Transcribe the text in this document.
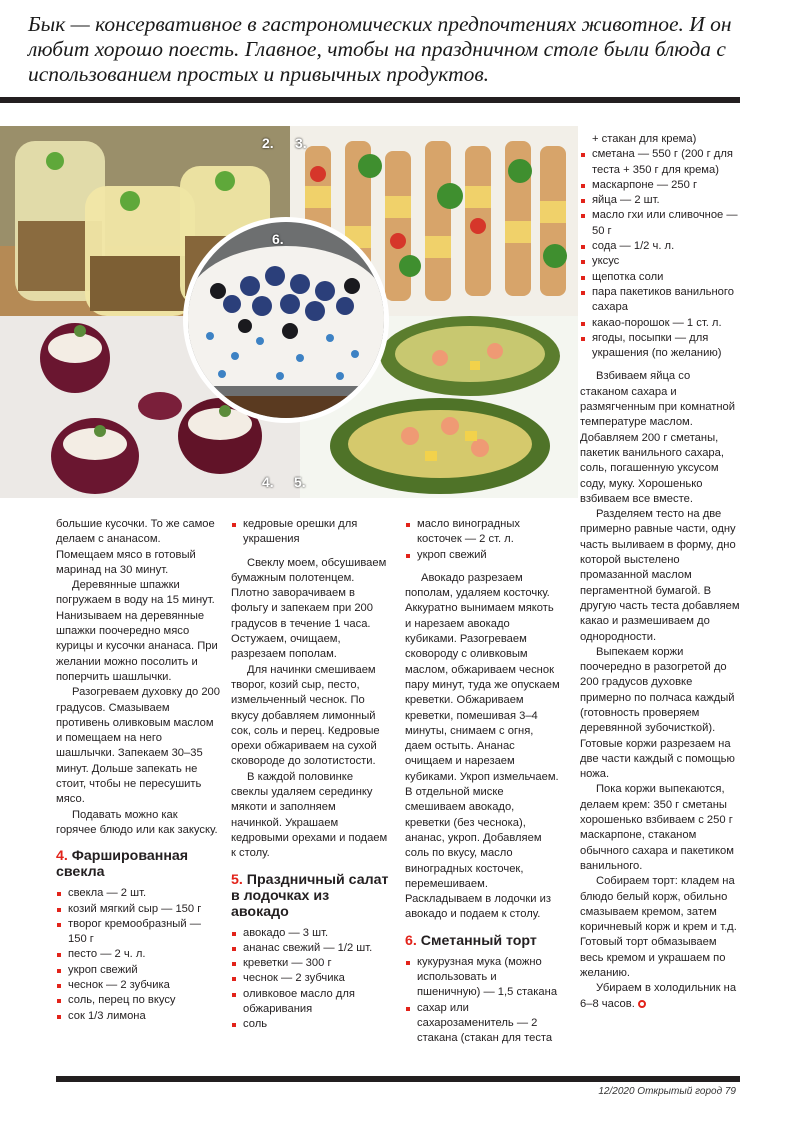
Бык — консервативное в гастрономических предпочтениях животное. И он любит хорошо поесть. Главное, чтобы на праздничном столе были блюда с использованием простых и привычных продуктов.
2. 3.
6.
4. 5.

большие кусочки. То же самое делаем с ананасом. Помещаем мясо в готовый маринад на 30 минут.

Деревянные шпажки погружаем в воду на 15 минут. Нанизываем на деревянные шпажки поочередно мясо курицы и кусочки ананаса. При желании можно посолить и поперчить шашлычки.

Разогреваем духовку до 200 градусов. Смазываем противень оливковым маслом и помещаем на него шашлычки. Запекаем 30–35 минут. Дольше запекать не стоит, чтобы не пересушить мясо.

Подавать можно как горячее блюдо или как закуску.

4. Фаршированная свекла
свекла — 2 шт.
козий мягкий сыр — 150 г
творог кремообразный — 150 г
песто — 2 ч. л.
укроп свежий
чеснок — 2 зубчика
соль, перец по вкусу
сок 1/3 лимона
кедровые орешки для украшения

Свеклу моем, обсушиваем бумажным полотенцем. Плотно заворачиваем в фольгу и запекаем при 200 градусов в течение 1 часа. Остужаем, очищаем, разрезаем пополам.

Для начинки смешиваем творог, козий сыр, песто, измельченный чеснок. По вкусу добавляем лимонный сок, соль и перец. Кедровые орехи обжариваем на сухой сковороде до золотистости.

В каждой половинке свеклы удаляем серединку мякоти и заполняем начинкой. Украшаем кедровыми орехами и подаем к столу.

5. Праздничный салат в лодочках из авокадо
авокадо — 3 шт.
ананас свежий — 1/2 шт.
креветки — 300 г
чеснок — 2 зубчика
оливковое масло для обжаривания
соль
масло виноградных косточек — 2 ст. л.
укроп свежий

Авокадо разрезаем пополам, удаляем косточку. Аккуратно вынимаем мякоть и нарезаем авокадо кубиками. Разогреваем сковороду с оливковым маслом, обжариваем чеснок пару минут, туда же опускаем креветки. Обжариваем креветки, помешивая 3–4 минуты, снимаем с огня, даем остыть. Ананас очищаем и нарезаем кубиками. Укроп измельчаем. В отдельной миске смешиваем авокадо, креветки (без чеснока), ананас, укроп. Добавляем соль по вкусу, масло виноградных косточек, перемешиваем. Раскладываем в лодочки из авокадо и подаем к столу.

6. Сметанный торт
кукурузная мука (можно использовать и пшеничную) — 1,5 стакана
сахар или сахарозаменитель — 2 стакана (стакан для теста
+ стакан для крема)
сметана — 550 г (200 г для теста + 350 г для крема)
маскарпоне — 250 г
яйца — 2 шт.
масло гхи или сливочное — 50 г
сода — 1/2 ч. л.
уксус
щепотка соли
пара пакетиков ванильного сахара
какао-порошок — 1 ст. л.
ягоды, посыпки — для украшения (по желанию)

Взбиваем яйца со стаканом сахара и размягченным при комнатной температуре маслом. Добавляем 200 г сметаны, пакетик ванильного сахара, соль, погашенную уксусом соду, муку. Хорошенько взбиваем все вместе.

Разделяем тесто на две примерно равные части, одну часть выливаем в форму, дно которой выстелено промазанной маслом пергаментной бумагой. В другую часть теста добавляем какао и размешиваем до однородности.

Выпекаем коржи поочередно в разогретой до 200 градусов духовке примерно по полчаса каждый (готовность проверяем деревянной зубочисткой). Готовые коржи разрезаем на две части каждый с помощью ножа.

Пока коржи выпекаются, делаем крем: 350 г сметаны хорошенько взбиваем с 250 г маскарпоне, стаканом обычного сахара и пакетиком ванильного.

Собираем торт: кладем на блюдо белый корж, обильно смазываем кремом, затем коричневый корж и крем и т.д. Готовый торт обмазываем весь кремом и украшаем по желанию.

Убираем в холодильник на 6–8 часов.

12/2020 Открытый город 79
